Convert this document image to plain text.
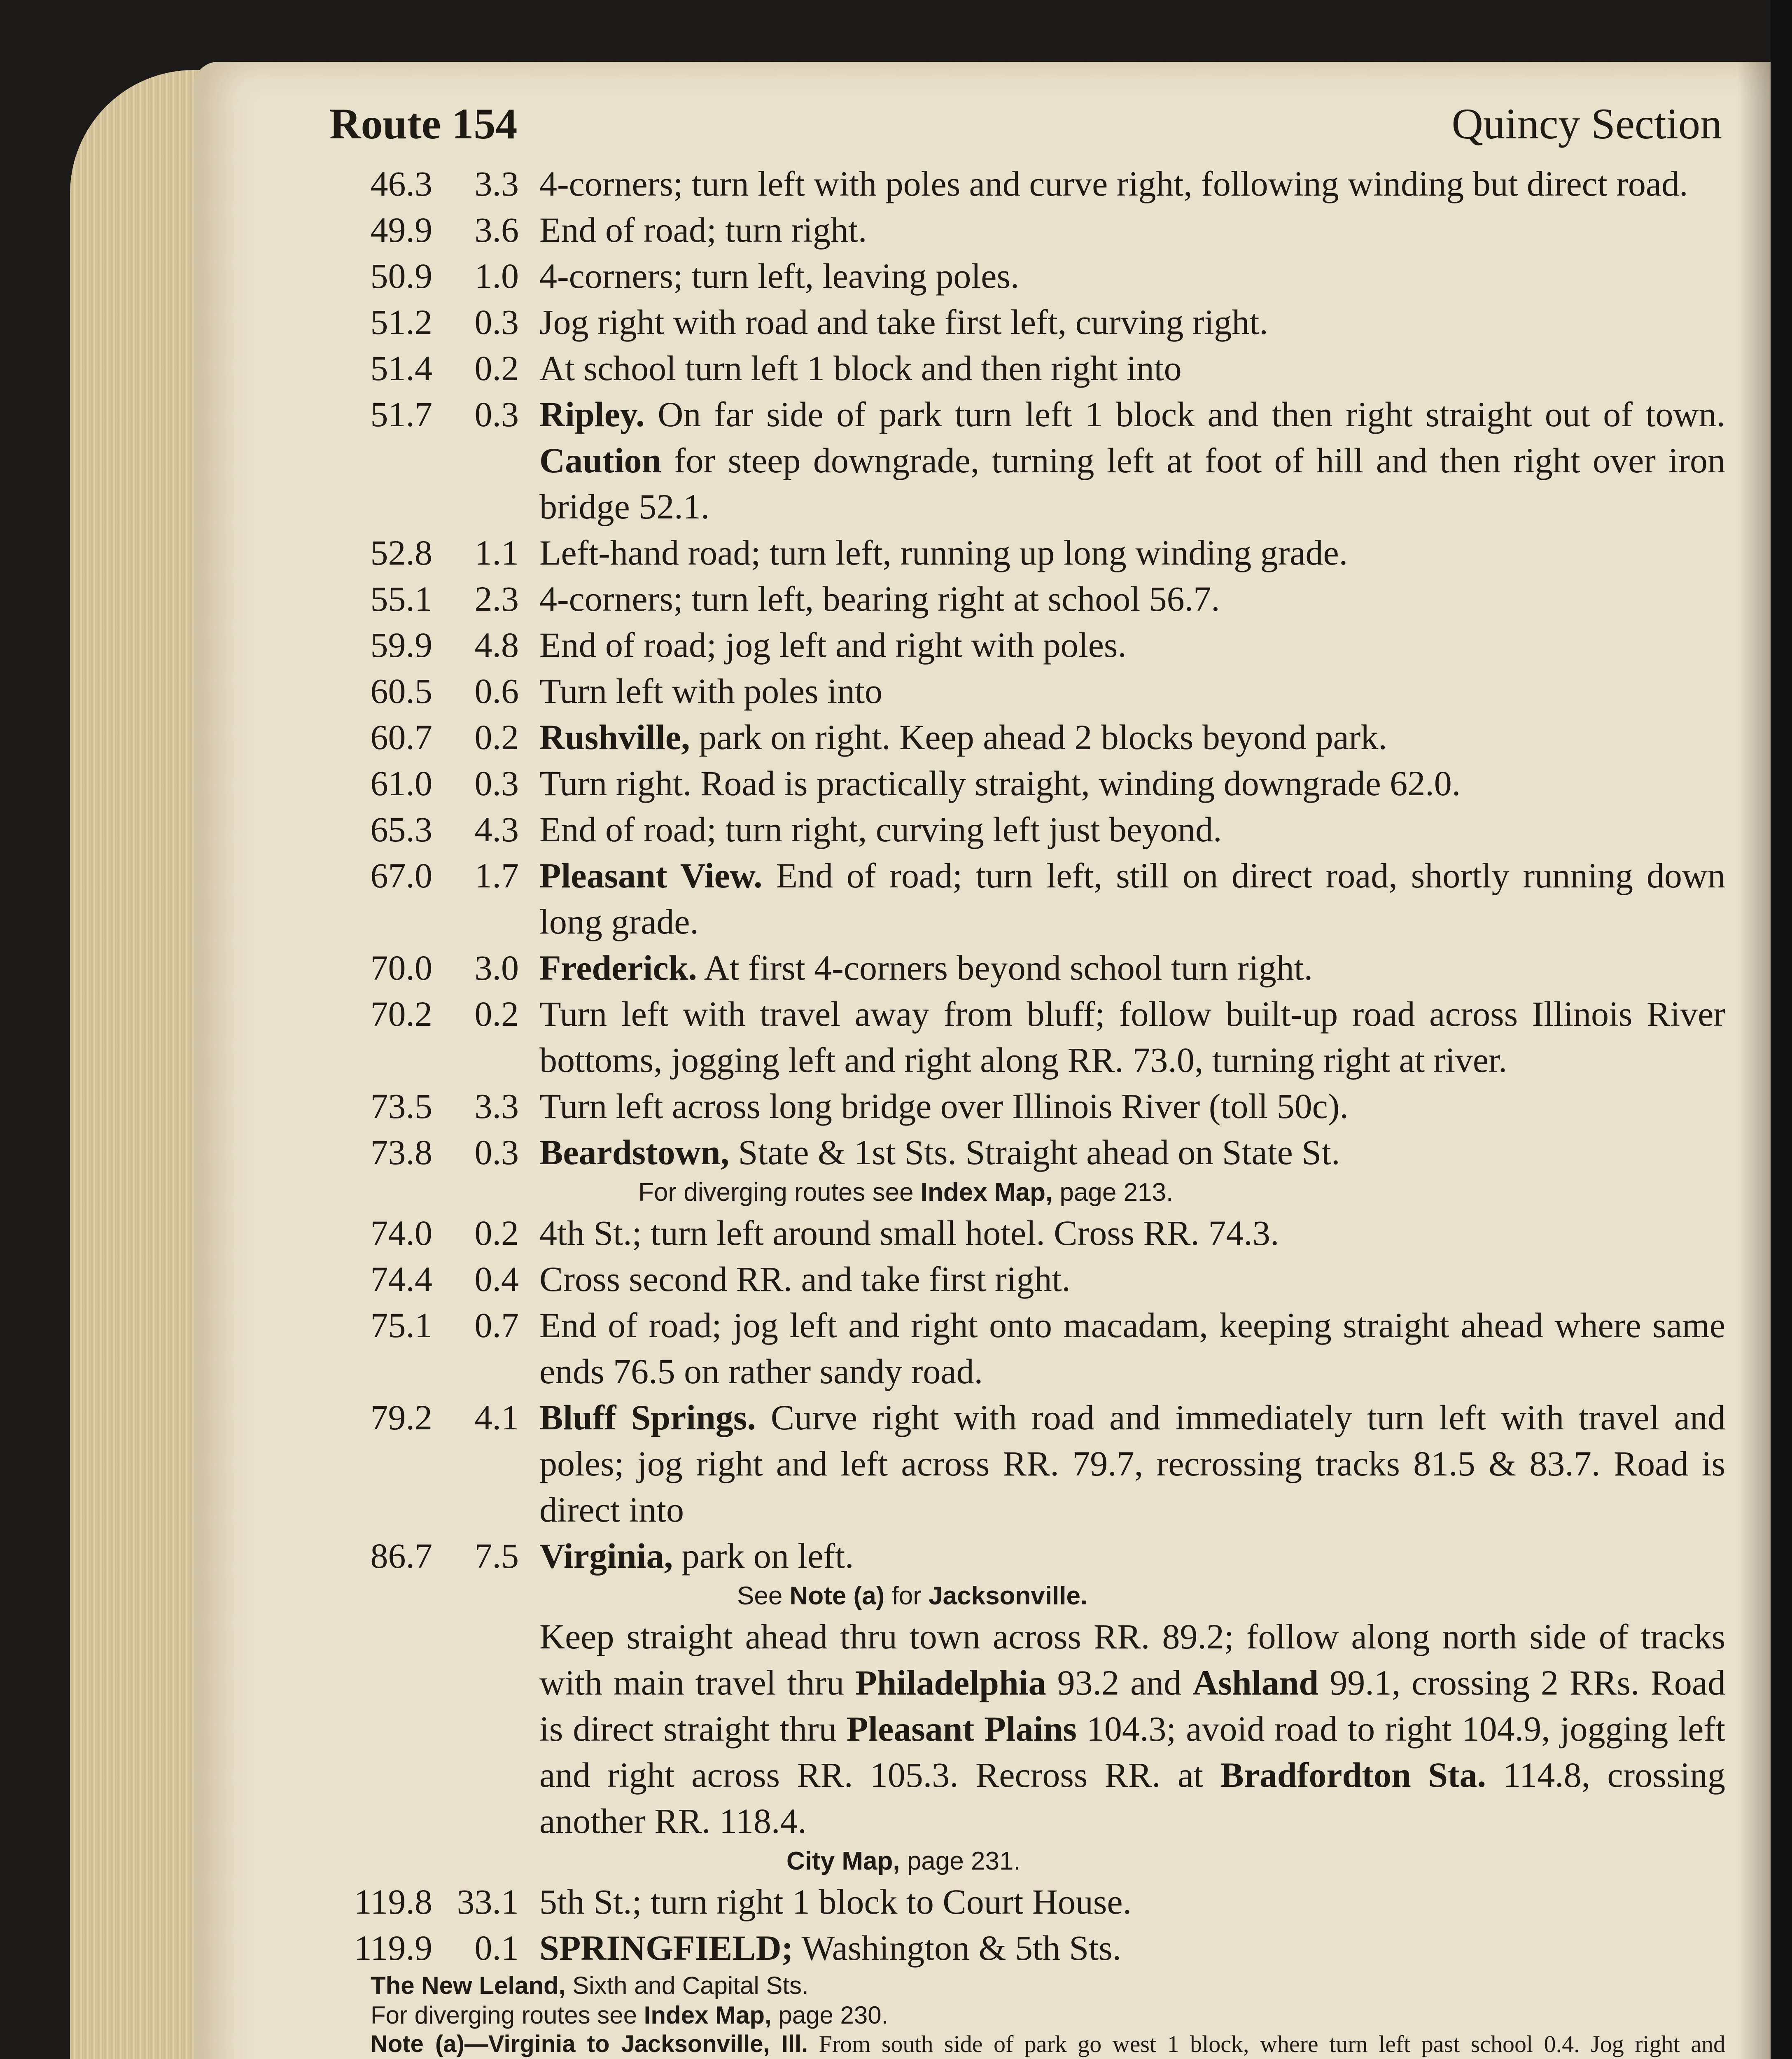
Route 154	Quincy Section
46.3	3.3 4-corners; turn left with poles and curve right, following winding but direct road.
49.9	3.6 End of road; turn right.
50.9	1.0 4-corners; turn left, leaving poles.
51.2	0.3 Jog right with road and take first left, curving right.
51.4	0.2 At school turn left 1 block and then right into
51.7	0.3 Ripley. On far side of park turn left 1 block and then right straight out of town. Caution for steep downgrade, turning left at foot of hill and then right over iron bridge 52.1.
52.8	1.1 Left-hand road; turn left, running up long winding grade.
55.1	2.3 4-corners; turn left, bearing right at school 56.7.
59.9	4.8 End of road; jog left and right with poles.
60.5	0.6 Turn left with poles into
60.7	0.2 Rushville, park on right. Keep ahead 2 blocks beyond park.
61.0	0.3 Turn right. Road is practically straight, winding downgrade 62.0.
65.3	4.3 End of road; turn right, curving left just beyond.
67.0	1.7 Pleasant View. End of road; turn left, still on direct road, shortly running down long grade.
70.0	3.0 Frederick. At first 4-corners beyond school turn right.
70.2	0.2 Turn left with travel away from bluff; follow built-up road across Illinois River bottoms, jogging left and right along RR. 73.0, turning right at river.
73.5	3.3 Turn left across long bridge over Illinois River (toll 50c).
73.8	0.3 Beardstown, State & 1st Sts. Straight ahead on State St.
For diverging routes see Index Map, page 213.
74.0	0.2 4th St.; turn left around small hotel. Cross RR. 74.3.
74.4	0.4 Cross second RR. and take first right.
75.1	0.7 End of road; jog left and right onto macadam, keeping straight ahead where same ends 76.5 on rather sandy road.
79.2	4.1 Bluff Springs. Curve right with road and immediately turn left with travel and poles; jog right and left across RR. 79.7, recrossing tracks 81.5 & 83.7. Road is direct into
86.7	7.5 Virginia, park on left.
See Note (a) for Jacksonville.
Keep straight ahead thru town across RR. 89.2; follow along north side of tracks with main travel thru Philadelphia 93.2 and Ashland 99.1, crossing 2 RRs. Road is direct straight thru Pleasant Plains 104.3; avoid road to right 104.9, jogging left and right across RR. 105.3. Recross RR. at Bradfordton Sta. 114.8, crossing another RR. 118.4.
City Map, page 231.
119.8 33.1 5th St.; turn right 1 block to Court House.
119.9	0.1 SPRINGFIELD; Washington & 5th Sts.
The New Leland, Sixth and Capital Sts.
For diverging routes see Index Map, page 230.
Note (a)—Virginia to Jacksonville, Ill. From south side of park go west 1 block, where turn left past school 0.4. Jog right and
